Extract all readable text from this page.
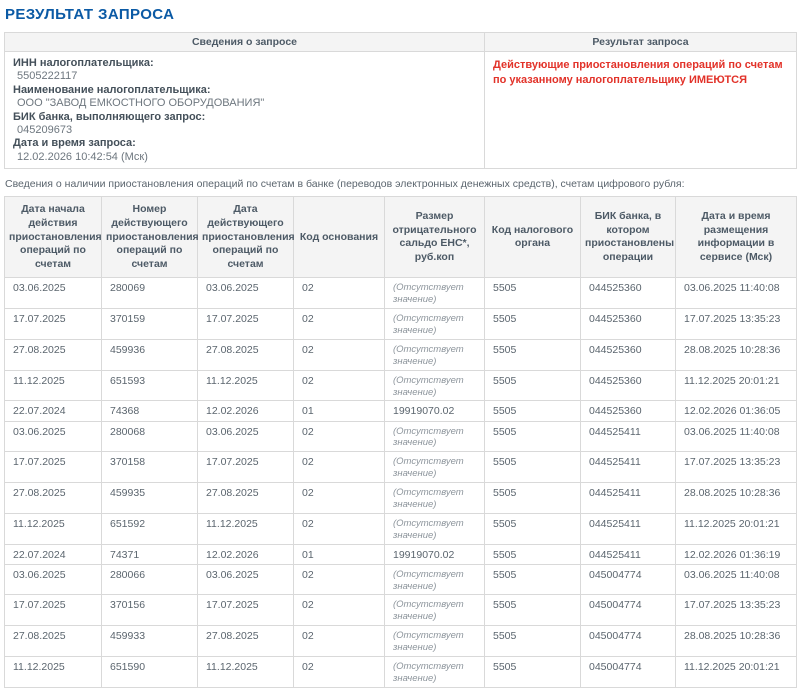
РЕЗУЛЬТАТ ЗАПРОСА
Сведения о запросе	Результат запроса

ИНН налогоплательщика:
5505222117
Наименование налогоплательщика:
ООО "ЗАВОД ЕМКОСТНОГО ОБОРУДОВАНИЯ"
БИК банка, выполняющего запрос:
045209673
Дата и время запроса:
12.02.2026 10:42:54 (Мск)

Действующие приостановления операций по счетам по указанному налогоплательщику ИМЕЮТСЯ
Сведения о наличии приостановления операций по счетам в банке (переводов электронных денежных средств), счетам цифрового рубля:
Дата начала действия приостановления операций по счетам	Номер действующего приостановления операций по счетам	Дата действующего приостановления операций по счетам	Код основания	Размер отрицательного сальдо ЕНС*, руб.коп	Код налогового органа	БИК банка, в котором приостановлены операции	Дата и время размещения информации в сервисе (Мск)
03.06.2025	280069	03.06.2025	02	(Отсутствует значение)	5505	044525360	03.06.2025 11:40:08
17.07.2025	370159	17.07.2025	02	(Отсутствует значение)	5505	044525360	17.07.2025 13:35:23
27.08.2025	459936	27.08.2025	02	(Отсутствует значение)	5505	044525360	28.08.2025 10:28:36
11.12.2025	651593	11.12.2025	02	(Отсутствует значение)	5505	044525360	11.12.2025 20:01:21
22.07.2024	74368	12.02.2026	01	19919070.02	5505	044525360	12.02.2026 01:36:05
03.06.2025	280068	03.06.2025	02	(Отсутствует значение)	5505	044525411	03.06.2025 11:40:08
17.07.2025	370158	17.07.2025	02	(Отсутствует значение)	5505	044525411	17.07.2025 13:35:23
27.08.2025	459935	27.08.2025	02	(Отсутствует значение)	5505	044525411	28.08.2025 10:28:36
11.12.2025	651592	11.12.2025	02	(Отсутствует значение)	5505	044525411	11.12.2025 20:01:21
22.07.2024	74371	12.02.2026	01	19919070.02	5505	044525411	12.02.2026 01:36:19
03.06.2025	280066	03.06.2025	02	(Отсутствует значение)	5505	045004774	03.06.2025 11:40:08
17.07.2025	370156	17.07.2025	02	(Отсутствует значение)	5505	045004774	17.07.2025 13:35:23
27.08.2025	459933	27.08.2025	02	(Отсутствует значение)	5505	045004774	28.08.2025 10:28:36
11.12.2025	651590	11.12.2025	02	(Отсутствует значение)	5505	045004774	11.12.2025 20:01:21
